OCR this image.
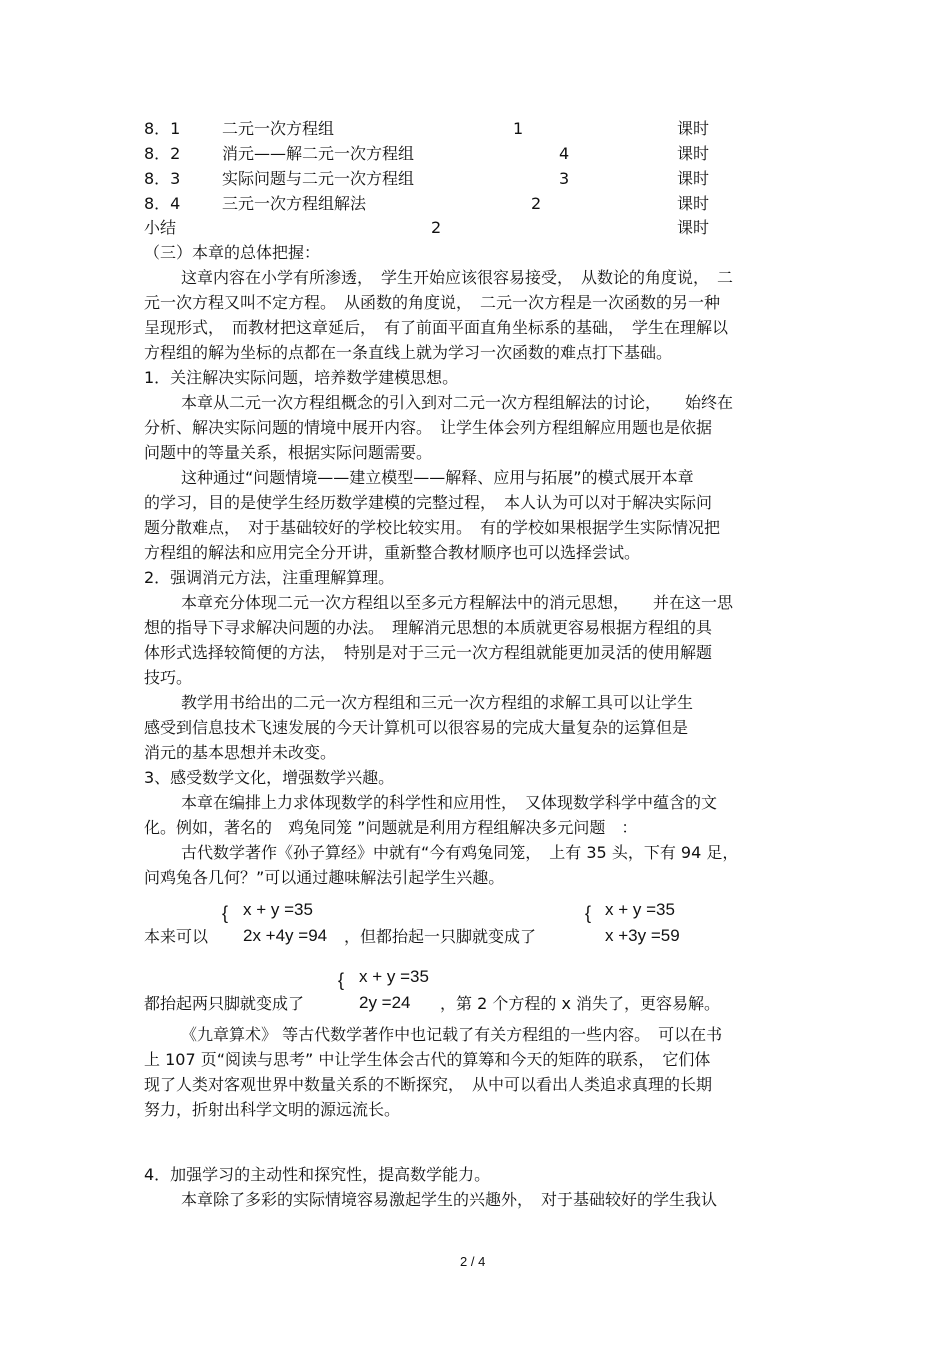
8．1	二元一次方程组	1	课时
8．2	消元——解二元一次方程组	4	课时
8．3	实际问题与二元一次方程组	3	课时
8．4	三元一次方程组解法	2	课时
小结	2	课时
（三）本章的总体把握：
这章内容在小学有所渗透，　学生开始应该很容易接受，　从数论的角度说，　二
元一次方程又叫不定方程。　从函数的角度说，　二元一次方程是一次函数的另一种
呈现形式，　而教材把这章延后，　有了前面平面直角坐标系的基础，　学生在理解以
方程组的解为坐标的点都在一条直线上就为学习一次函数的难点打下基础。
1．关注解决实际问题，培养数学建模思想。
本章从二元一次方程组概念的引入到对二元一次方程组解法的讨论，　　始终在
分析、解决实际问题的情境中展开内容。　让学生体会列方程组解应用题也是依据
问题中的等量关系，根据实际问题需要。
这种通过“问题情境——建立模型——解释、应用与拓展”的模式展开本章
的学习，目的是使学生经历数学建模的完整过程，　本人认为可以对于解决实际问
题分散难点，　对于基础较好的学校比较实用。　有的学校如果根据学生实际情况把
方程组的解法和应用完全分开讲，重新整合教材顺序也可以选择尝试。
2．强调消元方法，注重理解算理。
本章充分体现二元一次方程组以至多元方程解法中的消元思想，　　并在这一思
想的指导下寻求解决问题的办法。　理解消元思想的本质就更容易根据方程组的具
体形式选择较简便的方法，　特别是对于三元一次方程组就能更加灵活的使用解题
技巧。
教学用书给出的二元一次方程组和三元一次方程组的求解工具可以让学生
感受到信息技术飞速发展的今天计算机可以很容易的完成大量复杂的运算但是
消元的基本思想并未改变。
3、感受数学文化，增强数学兴趣。
本章在编排上力求体现数学的科学性和应用性，　又体现数学科学中蕴含的文
化。例如，著名的　鸡兔同笼 ”问题就是利用方程组解决多元问题　：
古代数学著作《孙子算经》中就有“今有鸡兔同笼，　上有 35 头，下有 94 足，
问鸡兔各几何？”可以通过趣味解法引起学生兴趣。
{ x + y =35
本来可以 2x +4y =94 ，但都抬起一只脚就变成了
{ x + y =35
x +3y =59
{ x + y =35
都抬起两只脚就变成了	2y =24 ，第 2 个方程的 x 消失了，更容易解。
《九章算术》 等古代数学著作中也记载了有关方程组的一些内容。　可以在书
上 107 页“阅读与思考” 中让学生体会古代的算筹和今天的矩阵的联系，　它们体
现了人类对客观世界中数量关系的不断探究，　从中可以看出人类追求真理的长期
努力，折射出科学文明的源远流长。
4．加强学习的主动性和探究性，提高数学能力。
本章除了多彩的实际情境容易激起学生的兴趣外，　对于基础较好的学生我认
2 / 4
